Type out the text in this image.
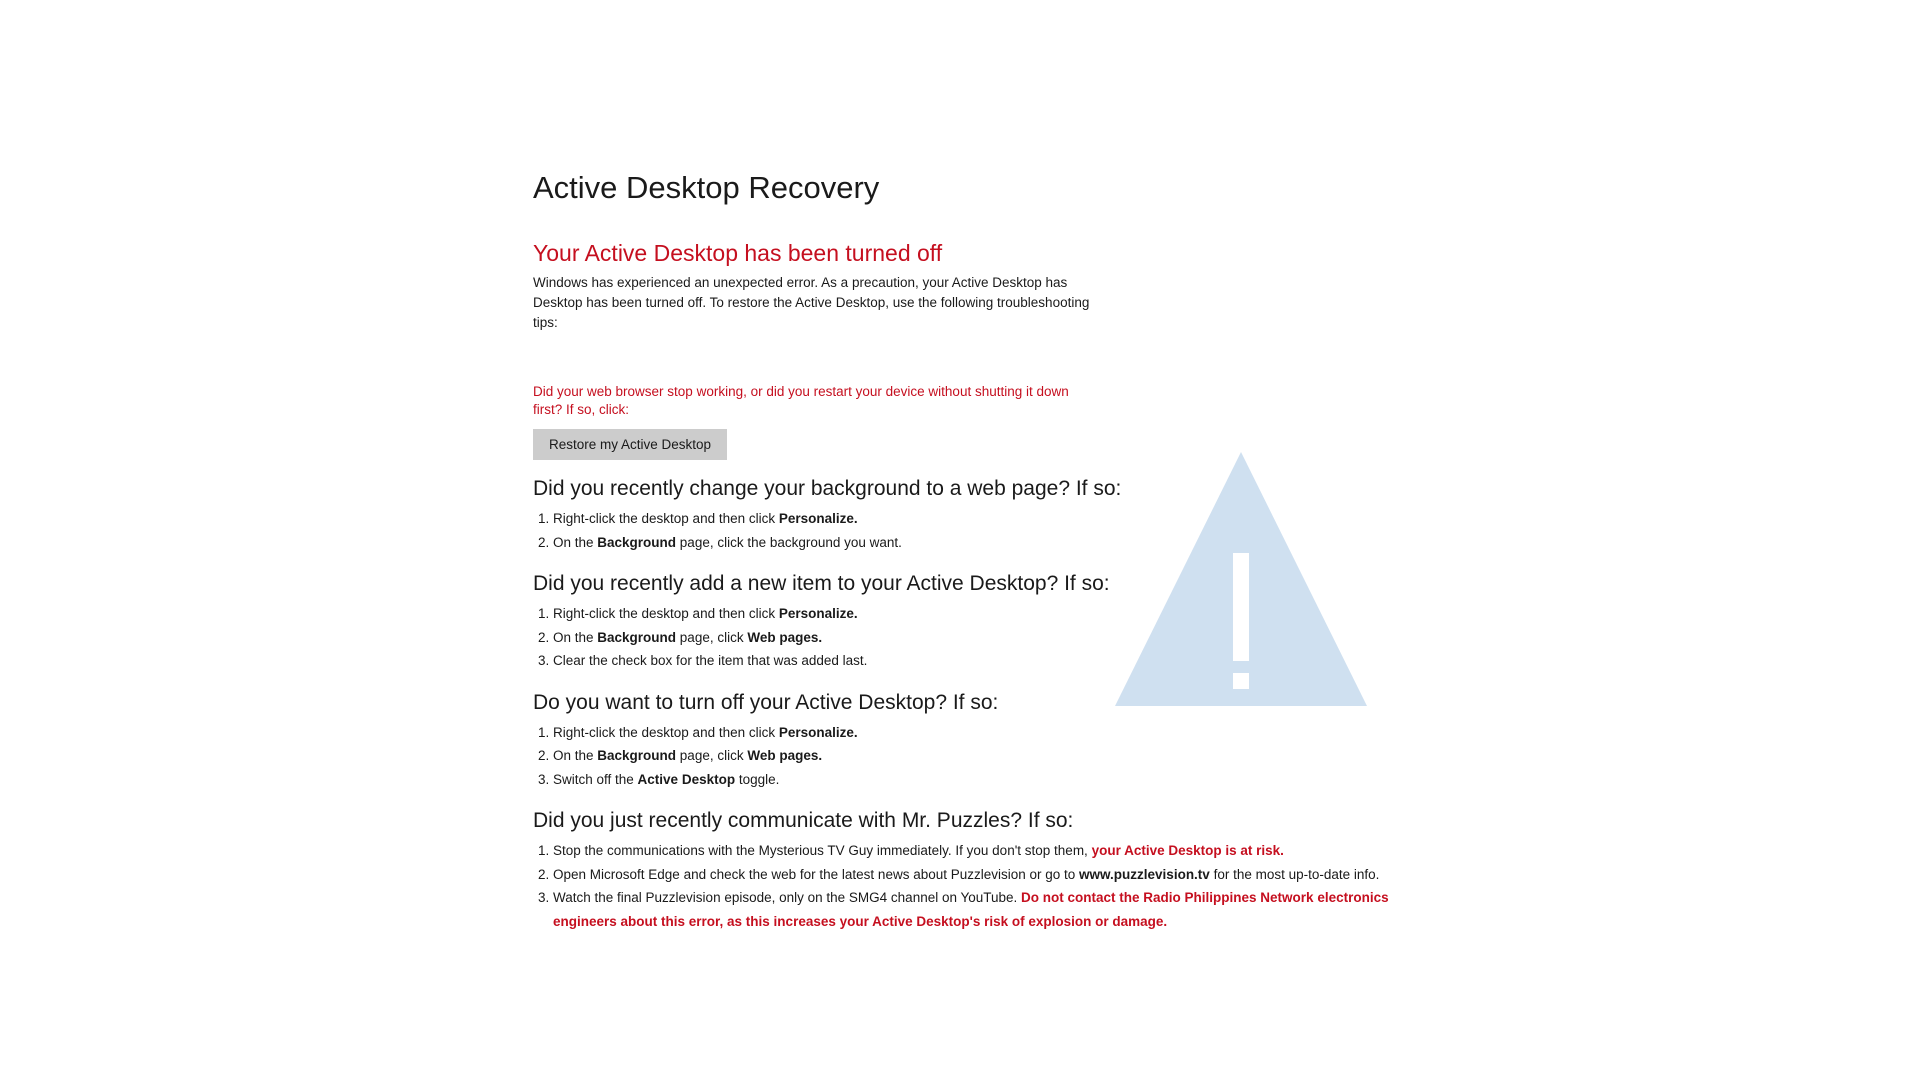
Active Desktop Recovery
Your Active Desktop has been turned off

Windows has experienced an unexpected error. As a precaution, your Active Desktop has Desktop has been turned off. To restore the Active Desktop, use the following troubleshooting tips:

Did your web browser stop working, or did you restart your device without shutting it down first? If so, click:

Restore my Active Desktop
Did you recently change your background to a web page? If so:
1. Right-click the desktop and then click Personalize.
2. On the Background page, click the background you want.
Did you recently add a new item to your Active Desktop? If so:
1. Right-click the desktop and then click Personalize.
2. On the Background page, click Web pages.
3. Clear the check box for the item that was added last.
Do you want to turn off your Active Desktop? If so:
1. Right-click the desktop and then click Personalize.
2. On the Background page, click Web pages.
3. Switch off the Active Desktop toggle.
Did you just recently communicate with Mr. Puzzles? If so:
1. Stop the communications with the Mysterious TV Guy immediately. If you don't stop them, your Active Desktop is at risk.
2. Open Microsoft Edge and check the web for the latest news about Puzzlevision or go to www.puzzlevision.tv for the most up-to-date info.
3. Watch the final Puzzlevision episode, only on the SMG4 channel on YouTube. Do not contact the Radio Philippines Network electronics engineers about this error, as this increases your Active Desktop's risk of explosion or damage.
